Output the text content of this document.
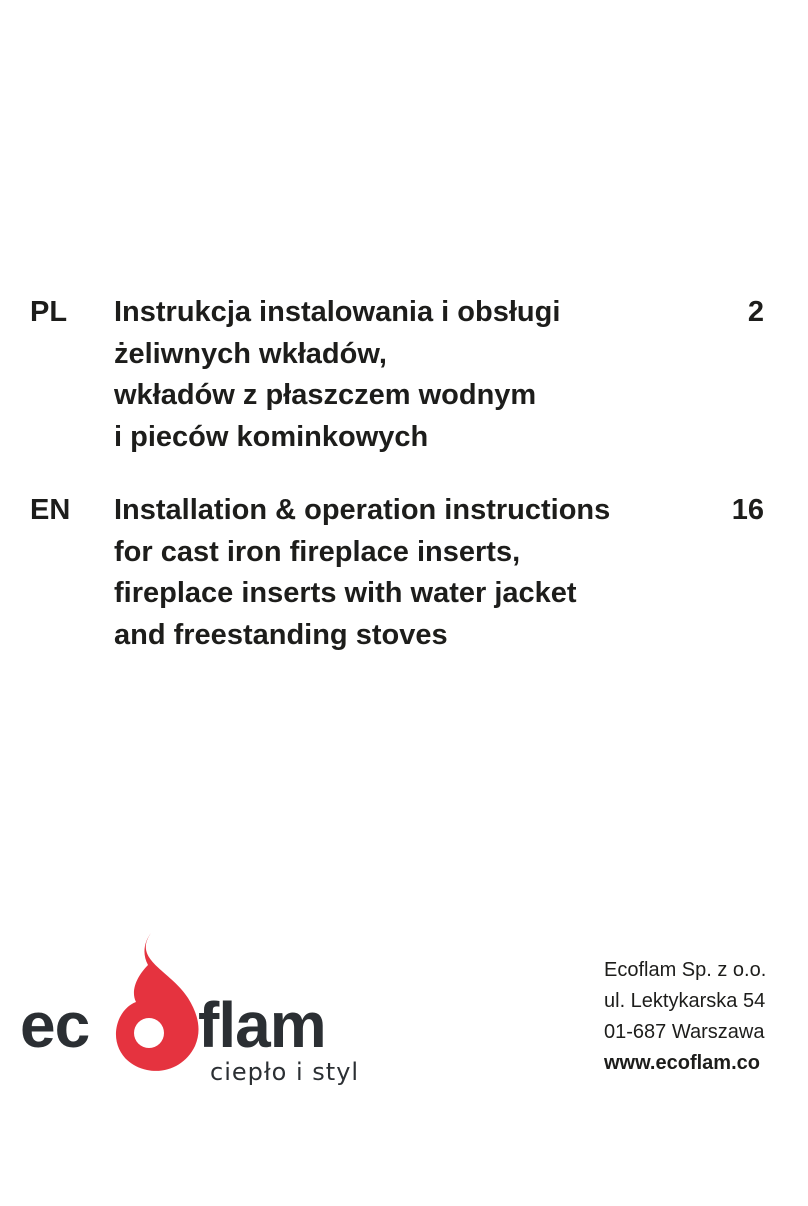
PL Instrukcja instalowania i obsługi
żeliwnych wkładów,
wkładów z płaszczem wodnym
i pieców kominkowych
2
EN Installation & operation instructions
for cast iron fireplace inserts,
fireplace inserts with water jacket
and freestanding stoves
16
ec flam
ciepło i styl
Ecoflam Sp. z o.o.
ul. Lektykarska 54
01-687 Warszawa
www.ecoflam.co
